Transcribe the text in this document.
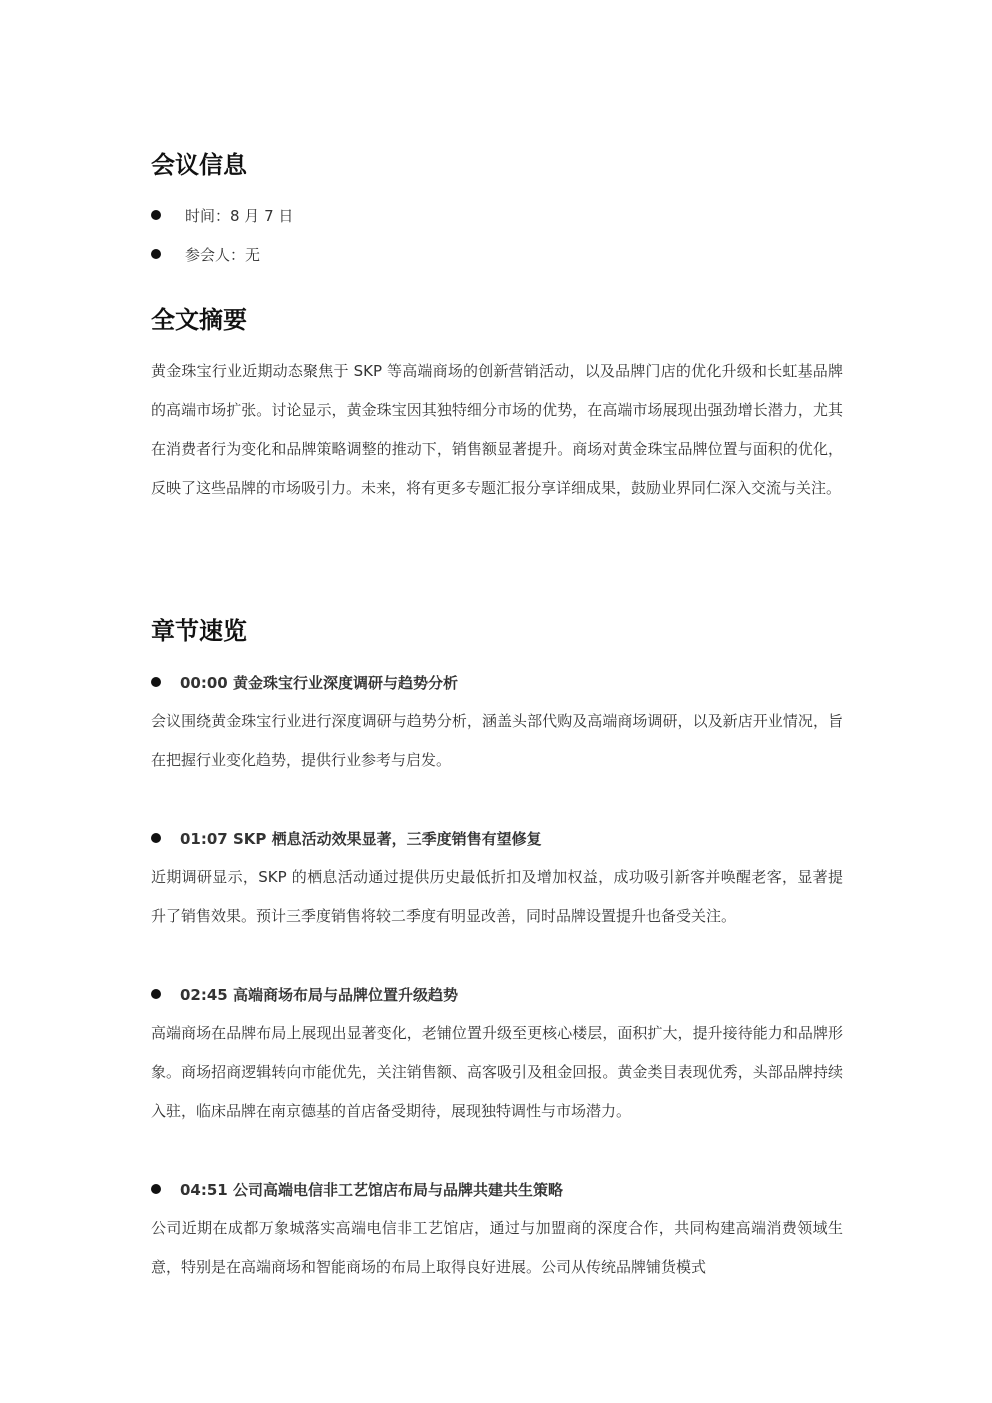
会议信息
时间：8 月 7 日
参会人：无
全文摘要

黄金珠宝行业近期动态聚焦于 SKP 等高端商场的创新营销活动，以及品牌门店的优化升级和长虹基品牌的高端市场扩张。讨论显示，黄金珠宝因其独特细分市场的优势，在高端市场展现出强劲增长潜力，尤其在消费者行为变化和品牌策略调整的推动下，销售额显著提升。商场对黄金珠宝品牌位置与面积的优化，反映了这些品牌的市场吸引力。未来，将有更多专题汇报分享详细成果，鼓励业界同仁深入交流与关注。

章节速览
00:00 黄金珠宝行业深度调研与趋势分析

会议围绕黄金珠宝行业进行深度调研与趋势分析，涵盖头部代购及高端商场调研，以及新店开业情况，旨在把握行业变化趋势，提供行业参考与启发。

01:07 SKP 栖息活动效果显著，三季度销售有望修复

近期调研显示，SKP 的栖息活动通过提供历史最低折扣及增加权益，成功吸引新客并唤醒老客，显著提升了销售效果。预计三季度销售将较二季度有明显改善，同时品牌设置提升也备受关注。

02:45 高端商场布局与品牌位置升级趋势

高端商场在品牌布局上展现出显著变化，老铺位置升级至更核心楼层，面积扩大，提升接待能力和品牌形象。商场招商逻辑转向市能优先，关注销售额、高客吸引及租金回报。黄金类目表现优秀，头部品牌持续入驻，临床品牌在南京德基的首店备受期待，展现独特调性与市场潜力。

04:51 公司高端电信非工艺馆店布局与品牌共建共生策略

公司近期在成都万象城落实高端电信非工艺馆店，通过与加盟商的深度合作，共同构建高端消费领域生意，特别是在高端商场和智能商场的布局上取得良好进展。公司从传统品牌铺货模式
